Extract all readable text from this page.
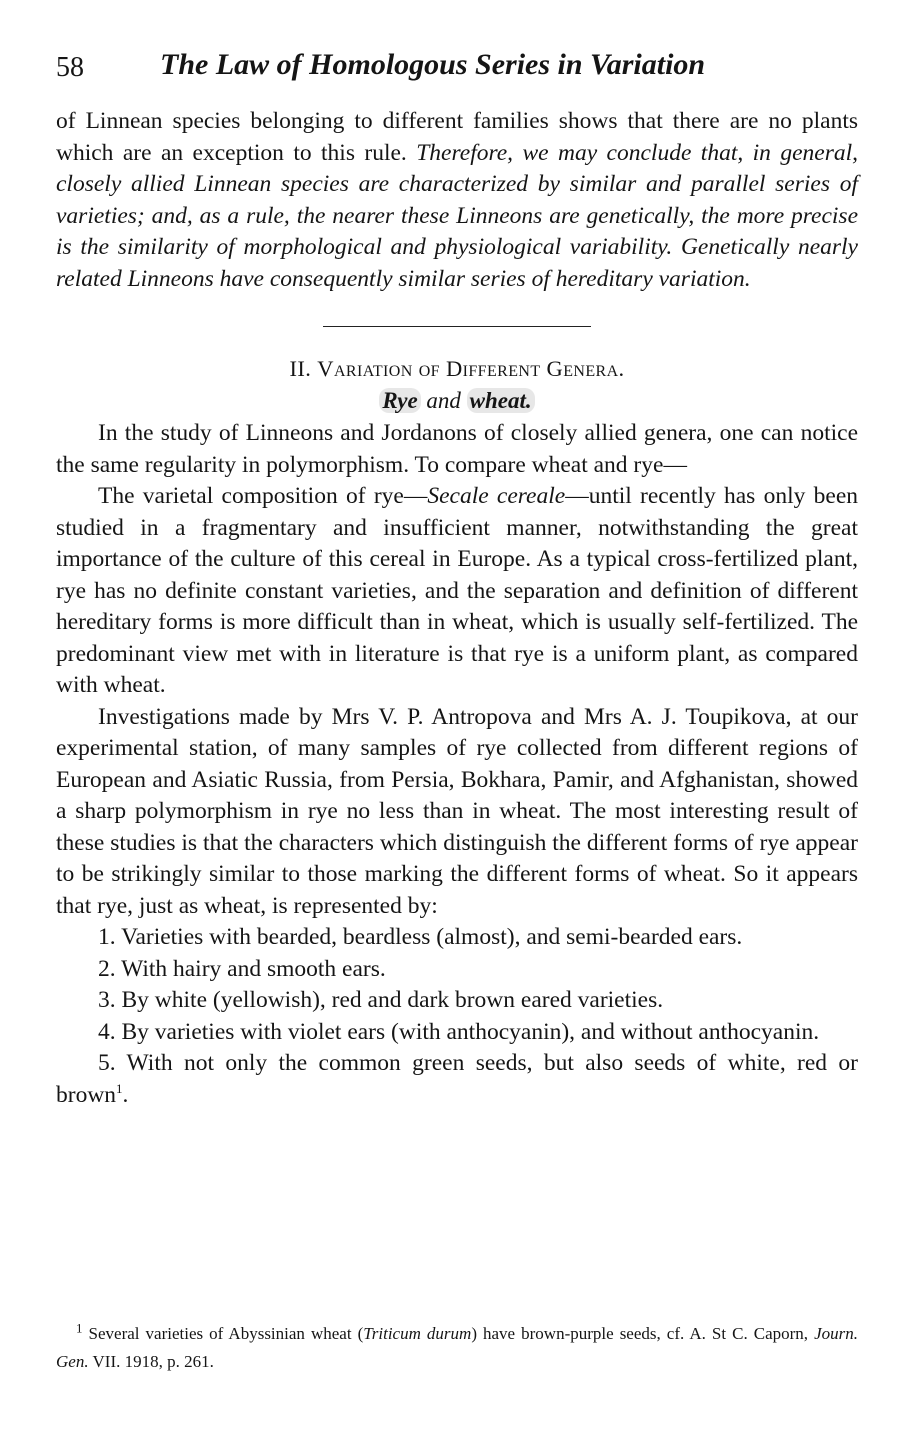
58	The Law of Homologous Series in Variation

of Linnean species belonging to different families shows that there are no plants which are an exception to this rule. Therefore, we may conclude that, in general, closely allied Linnean species are characterized by similar and parallel series of varieties; and, as a rule, the nearer these Linneons are genetically, the more precise is the similarity of morphological and physiological variability. Genetically nearly related Linneons have consequently similar series of hereditary variation.

II. Variation of Different Genera.

Rye and wheat.

In the study of Linneons and Jordanons of closely allied genera, one can notice the same regularity in polymorphism. To compare wheat and rye—

The varietal composition of rye—Secale cereale—until recently has only been studied in a fragmentary and insufficient manner, notwithstanding the great importance of the culture of this cereal in Europe. As a typical cross-fertilized plant, rye has no definite constant varieties, and the separation and definition of different hereditary forms is more difficult than in wheat, which is usually self-fertilized. The predominant view met with in literature is that rye is a uniform plant, as compared with wheat.

Investigations made by Mrs V. P. Antropova and Mrs A. J. Toupikova, at our experimental station, of many samples of rye collected from different regions of European and Asiatic Russia, from Persia, Bokhara, Pamir, and Afghanistan, showed a sharp polymorphism in rye no less than in wheat. The most interesting result of these studies is that the characters which distinguish the different forms of rye appear to be strikingly similar to those marking the different forms of wheat. So it appears that rye, just as wheat, is represented by:

1. Varieties with bearded, beardless (almost), and semi-bearded ears.

2. With hairy and smooth ears.

3. By white (yellowish), red and dark brown eared varieties.

4. By varieties with violet ears (with anthocyanin), and without anthocyanin.

5. With not only the common green seeds, but also seeds of white, red or brown$^1$.

$^1$ Several varieties of Abyssinian wheat (Triticum durum) have brown-purple seeds, cf. A. St C. Caporn, Journ. Gen. VII. 1918, p. 261.
